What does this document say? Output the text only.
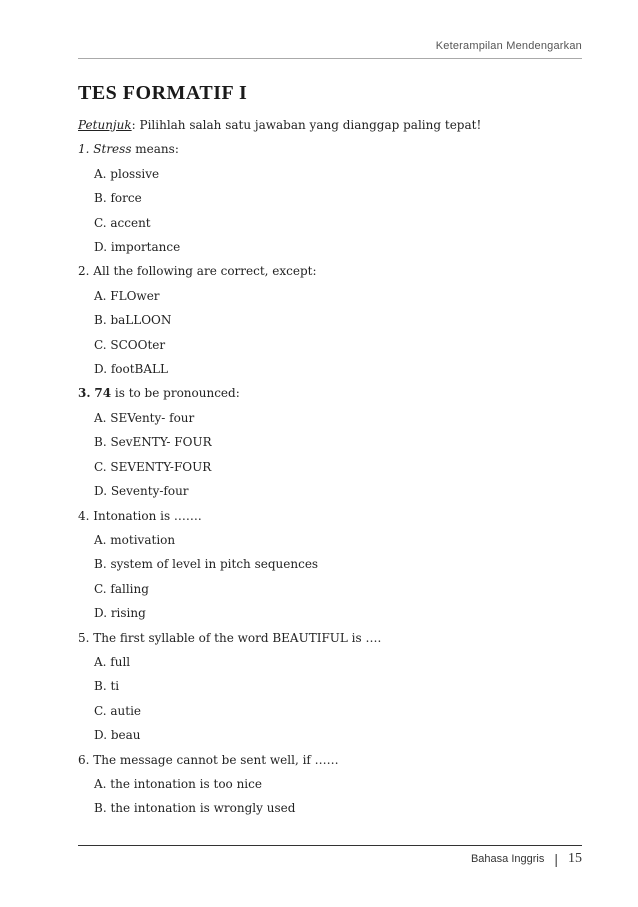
Keterampilan Mendengarkan
TES FORMATIF I
Petunjuk: Pilihlah salah satu jawaban yang dianggap paling tepat!
1. Stress means:
A. plossive
B. force
C. accent
D. importance
2. All the following are correct, except:
A. FLOwer
B. baLLOON
C. SCOOter
D. footBALL
3. 74 is to be pronounced:
A. SEVenty- four
B. SevENTY- FOUR
C. SEVENTY-FOUR
D. Seventy-four
4. Intonation is …….
A. motivation
B. system of level in pitch sequences
C. falling
D. rising
5. The first syllable of the word BEAUTIFUL is ….
A. full
B. ti
C. autie
D. beau
6. The message cannot be sent well, if ……
A. the intonation is too nice
B. the intonation is wrongly used
Bahasa Inggris | 15
